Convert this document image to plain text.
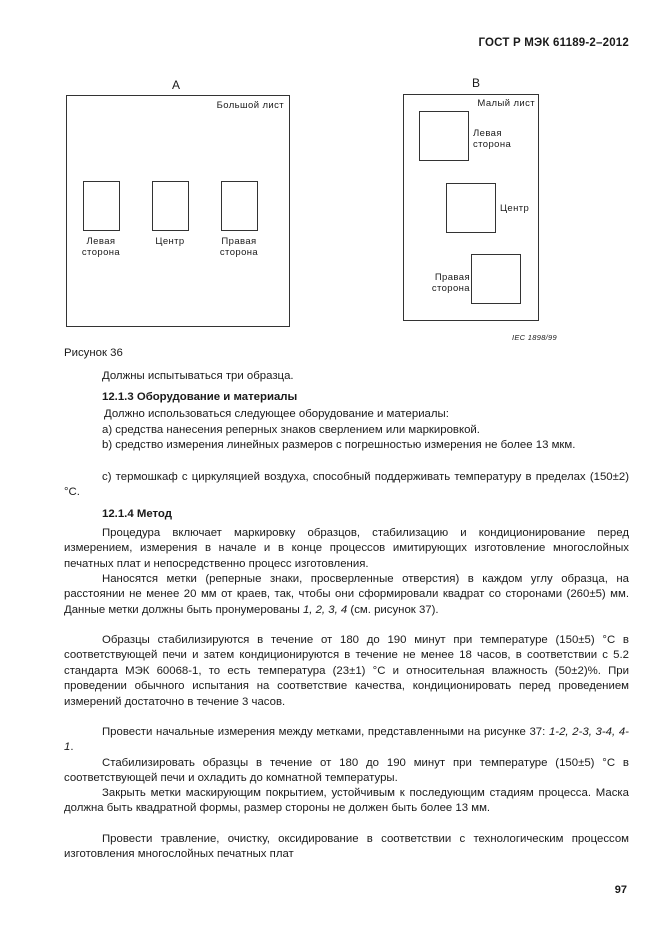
ГОСТ Р МЭК 61189-2–2012
А
Большой лист
Левая
сторона
Центр	Правая
сторона
В
Малый лист
Левая
сторона
Центр
Правая
сторона
IEC 1898/99
Рисунок 36
Должны испытываться три образца.
12.1.3 Оборудование и материалы
Должно использоваться следующее оборудование и материалы:
а) средства нанесения реперных знаков сверлением или маркировкой.
b) средство измерения линейных размеров с погрешностью измерения не более 13 мкм.
с) термошкаф с циркуляцией воздуха, способный поддерживать температуру в пределах (150±2) °С.
12.1.4 Метод
Процедура включает маркировку образцов, стабилизацию и кондиционирование перед измерением, измерения в начале и в конце процессов имитирующих изготовление многослойных печатных плат и непосредственно процесс изготовления.
Наносятся метки (реперные знаки, просверленные отверстия) в каждом углу образца, на расстоянии не менее 20 мм от краев, так, чтобы они сформировали квадрат со сторонами (260±5) мм. Данные метки должны быть пронумерованы 1, 2, 3, 4 (см. рисунок 37).
Образцы стабилизируются в течение от 180 до 190 минут при температуре (150±5) °С в соответствующей печи и затем кондиционируются в течение не менее 18 часов, в соответствии с 5.2 стандарта МЭК 60068-1, то есть температура (23±1) °С и относительная влажность (50±2)%. При проведении обычного испытания на соответствие качества, кондиционировать перед проведением измерений достаточно в течение 3 часов.
Провести начальные измерения между метками, представленными на рисунке 37: 1-2, 2-3, 3-4, 4-1.
Стабилизировать образцы в течение от 180 до 190 минут при температуре (150±5) °С в соответствующей печи и охладить до комнатной температуры.
Закрыть метки маскирующим покрытием, устойчивым к последующим стадиям процесса. Маска должна быть квадратной формы, размер стороны не должен быть более 13 мм.
Провести травление, очистку, оксидирование в соответствии с технологическим процессом изготовления многослойных печатных плат
97
